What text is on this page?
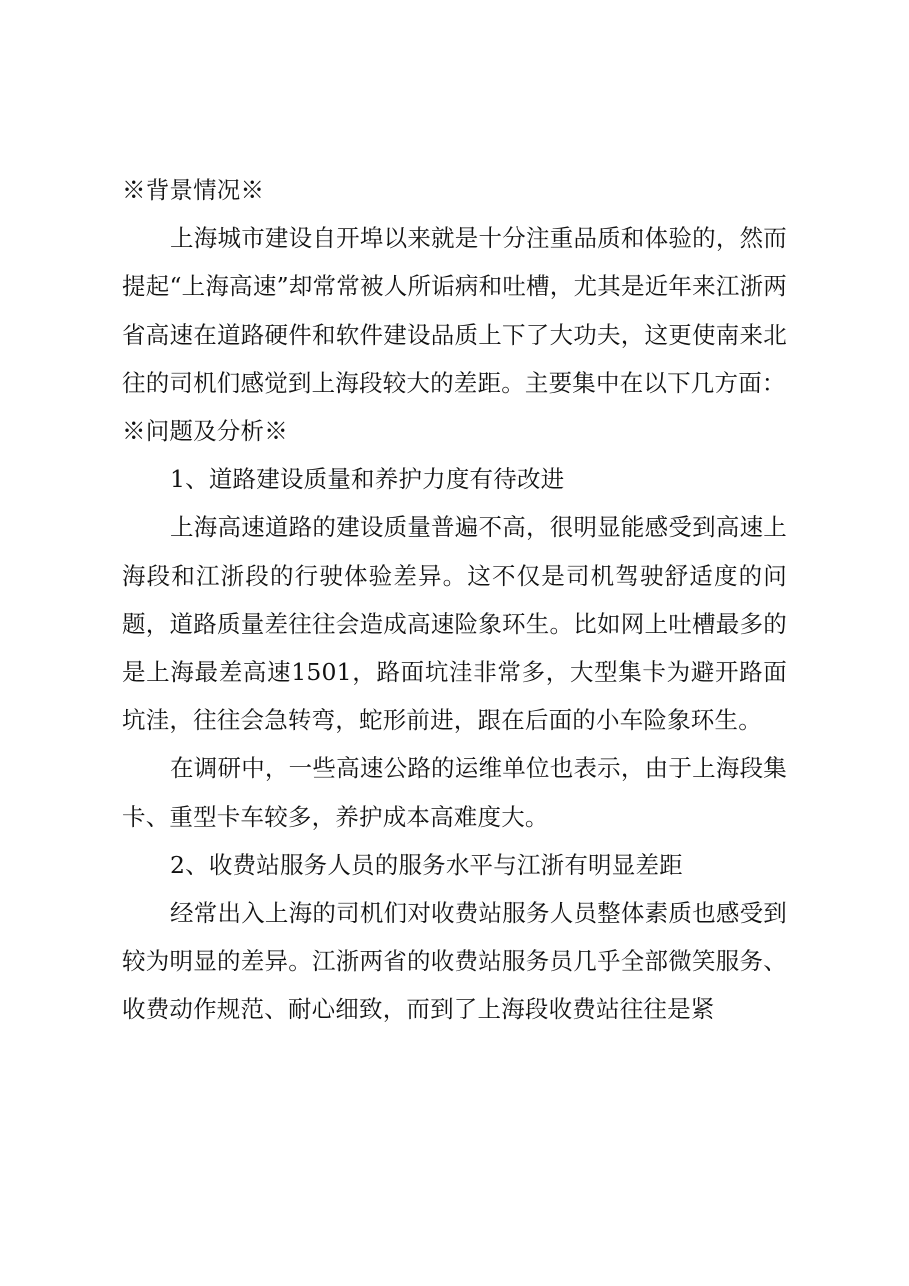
※背景情况※

上海城市建设自开埠以来就是十分注重品质和体验的，然而提起“上海高速”却常常被人所诟病和吐槽，尤其是近年来江浙两省高速在道路硬件和软件建设品质上下了大功夫，这更使南来北往的司机们感觉到上海段较大的差距。主要集中在以下几方面：

※问题及分析※

1、道路建设质量和养护力度有待改进

上海高速道路的建设质量普遍不高，很明显能感受到高速上海段和江浙段的行驶体验差异。这不仅是司机驾驶舒适度的问题，道路质量差往往会造成高速险象环生。比如网上吐槽最多的是上海最差高速1501，路面坑洼非常多，大型集卡为避开路面坑洼，往往会急转弯，蛇形前进，跟在后面的小车险象环生。

在调研中，一些高速公路的运维单位也表示，由于上海段集卡、重型卡车较多，养护成本高难度大。

2、收费站服务人员的服务水平与江浙有明显差距

经常出入上海的司机们对收费站服务人员整体素质也感受到较为明显的差异。江浙两省的收费站服务员几乎全部微笑服务、收费动作规范、耐心细致，而到了上海段收费站往往是紧
